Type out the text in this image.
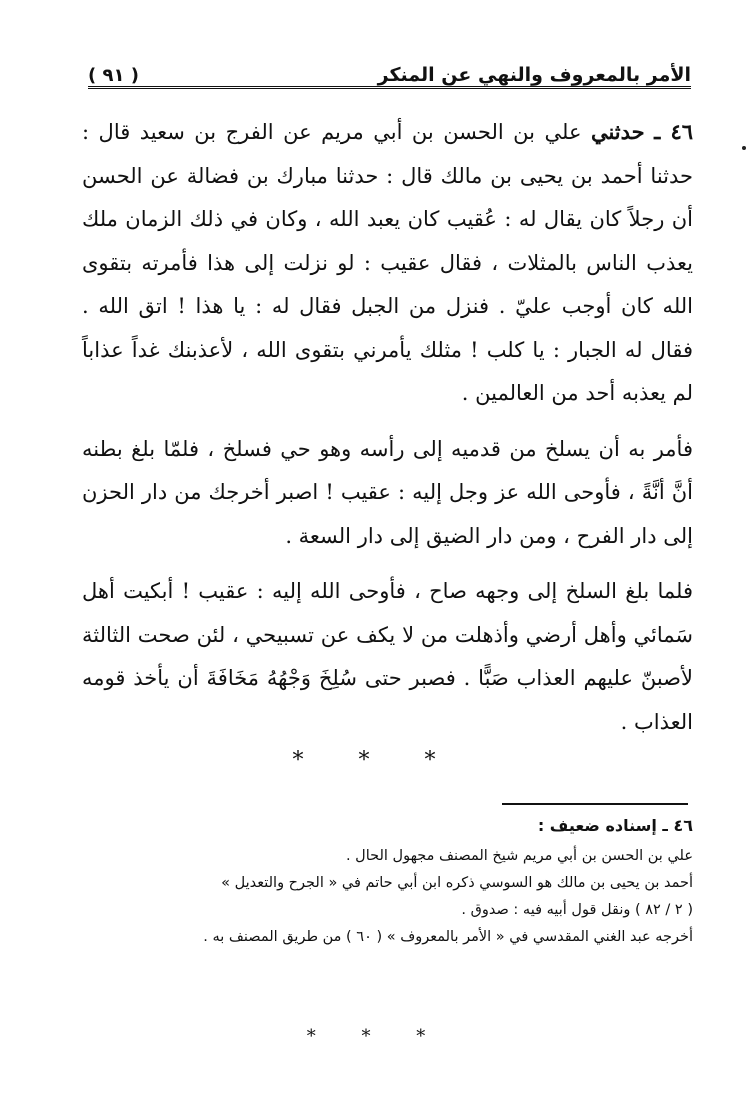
( ٩١ )	الأمر بالمعروف والنهي عن المنكر

٤٦ ـ حدثني علي بن الحسن بن أبي مريم عن الفرج بن سعيد قال : حدثنا أحمد بن يحيى بن مالك قال : حدثنا مبارك بن فضالة عن الحسن أن رجلاً كان يقال له : عُقيب كان يعبد الله ، وكان في ذلك الزمان ملك يعذب الناس بالمثلات ، فقال عقيب : لو نزلت إلى هذا فأمرته بتقوى الله كان أوجب عليّ . فنزل من الجبل فقال له : يا هذا ! اتق الله . فقال له الجبار : يا كلب ! مثلك يأمرني بتقوى الله ، لأعذبنك غداً عذاباً لم يعذبه أحد من العالمين .

فأمر به أن يسلخ من قدميه إلى رأسه وهو حي فسلخ ، فلمّا بلغ بطنه أنَّ أنَّةً ، فأوحى الله عز وجل إليه : عقيب ! اصبر أخرجك من دار الحزن إلى دار الفرح ، ومن دار الضيق إلى دار السعة .

فلما بلغ السلخ إلى وجهه صاح ، فأوحى الله إليه : عقيب ! أبكيت أهل سَمائي وأهل أرضي وأذهلت من لا يكف عن تسبيحي ، لئن صحت الثالثة لأصبنّ عليهم العذاب صَبًّا . فصبر حتى سُلِخَ وَجْهُهُ مَخَافَةَ أن يأخذ قومه العذاب .

* * *

٤٦ ـ إسناده ضعيف :

علي بن الحسن بن أبي مريم شيخ المصنف مجهول الحال .

أحمد بن يحيى بن مالك هو السوسي ذكره ابن أبي حاتم في « الجرح والتعديل »

( ٢ / ٨٢ ) ونقل قول أبيه فيه : صدوق .

أخرجه عبد الغني المقدسي في « الأمر بالمعروف » ( ٦٠ ) من طريق المصنف به .

* * *
